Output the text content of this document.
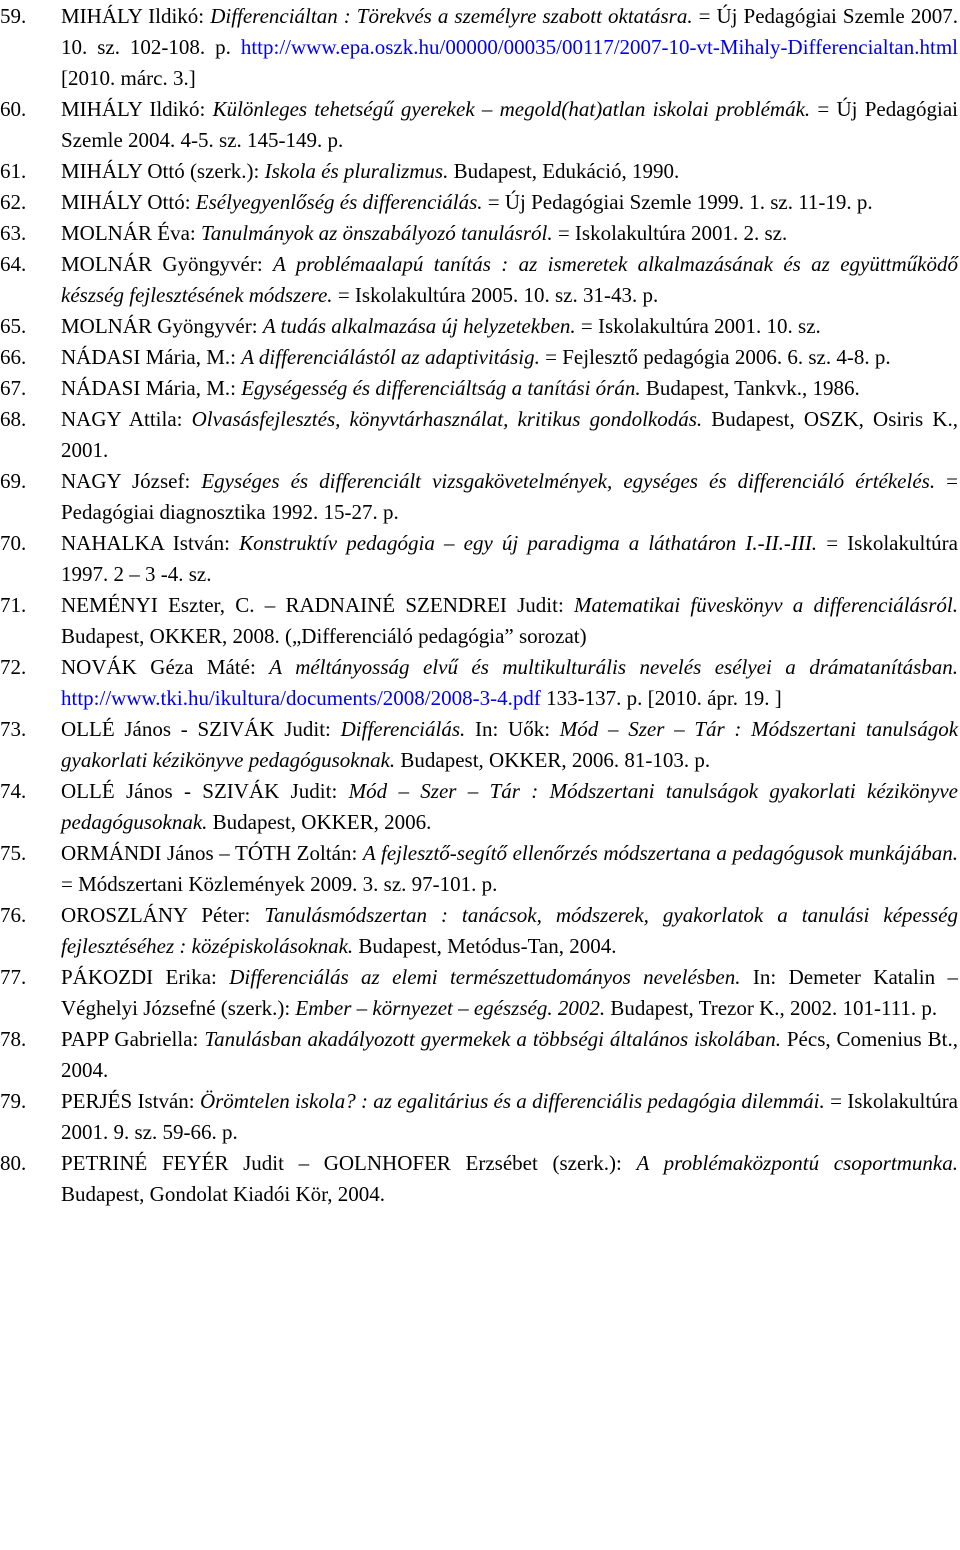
59.	MIHÁLY Ildikó: Differenciáltan : Törekvés a személyre szabott oktatásra. = Új Pedagógiai Szemle 2007. 10. sz. 102-108. p. http://www.epa.oszk.hu/00000/00035/00117/2007-10-vt-Mihaly-Differencialtan.html [2010. márc. 3.]
60.	MIHÁLY Ildikó: Különleges tehetségű gyerekek – megold(hat)atlan iskolai problémák. = Új Pedagógiai Szemle 2004. 4-5. sz. 145-149. p.
61.	MIHÁLY Ottó (szerk.): Iskola és pluralizmus. Budapest, Edukáció, 1990.
62.	MIHÁLY Ottó: Esélyegyenlőség és differenciálás. = Új Pedagógiai Szemle 1999. 1. sz. 11-19. p.
63.	MOLNÁR Éva: Tanulmányok az önszabályozó tanulásról. = Iskolakultúra 2001. 2. sz.
64.	MOLNÁR Gyöngyvér: A problémaalapú tanítás : az ismeretek alkalmazásának és az együttműködő készség fejlesztésének módszere. = Iskolakultúra 2005. 10. sz. 31-43. p.
65.	MOLNÁR Gyöngyvér: A tudás alkalmazása új helyzetekben. = Iskolakultúra 2001. 10. sz.
66.	NÁDASI Mária, M.: A differenciálástól az adaptivitásig. = Fejlesztő pedagógia 2006. 6. sz. 4-8. p.
67.	NÁDASI Mária, M.: Egységesség és differenciáltság a tanítási órán. Budapest, Tankvk., 1986.
68.	NAGY Attila: Olvasásfejlesztés, könyvtárhasználat, kritikus gondolkodás. Budapest, OSZK, Osiris K., 2001.
69.	NAGY József: Egységes és differenciált vizsgakövetelmények, egységes és differenciáló értékelés. = Pedagógiai diagnosztika 1992. 15-27. p.
70.	NAHALKA István: Konstruktív pedagógia – egy új paradigma a láthatáron I.-II.-III. = Iskolakultúra 1997. 2 – 3 -4. sz.
71.	NEMÉNYI Eszter, C. – RADNAINÉ SZENDREI Judit: Matematikai füveskönyv a differenciálásról. Budapest, OKKER, 2008. („Differenciáló pedagógia” sorozat)
72.	NOVÁK Géza Máté: A méltányosság elvű és multikulturális nevelés esélyei a drámatanításban. http://www.tki.hu/ikultura/documents/2008/2008-3-4.pdf 133-137. p. [2010. ápr. 19. ]
73.	OLLÉ János - SZIVÁK Judit: Differenciálás. In: Uők: Mód – Szer – Tár : Módszertani tanulságok gyakorlati kézikönyve pedagógusoknak. Budapest, OKKER, 2006. 81-103. p.
74.	OLLÉ János - SZIVÁK Judit: Mód – Szer – Tár : Módszertani tanulságok gyakorlati kézikönyve pedagógusoknak. Budapest, OKKER, 2006.
75.	ORMÁNDI János – TÓTH Zoltán: A fejlesztő-segítő ellenőrzés módszertana a pedagógusok munkájában. = Módszertani Közlemények 2009. 3. sz. 97-101. p.
76.	OROSZLÁNY Péter: Tanulásmódszertan : tanácsok, módszerek, gyakorlatok a tanulási képesség fejlesztéséhez : középiskolásoknak. Budapest, Metódus-Tan, 2004.
77.	PÁKOZDI Erika: Differenciálás az elemi természettudományos nevelésben. In: Demeter Katalin – Véghelyi Józsefné (szerk.): Ember – környezet – egészség. 2002. Budapest, Trezor K., 2002. 101-111. p.
78.	PAPP Gabriella: Tanulásban akadályozott gyermekek a többségi általános iskolában. Pécs, Comenius Bt., 2004.
79.	PERJÉS István: Örömtelen iskola? : az egalitárius és a differenciális pedagógia dilemmái. = Iskolakultúra 2001. 9. sz. 59-66. p.
80.	PETRINÉ FEYÉR Judit – GOLNHOFER Erzsébet (szerk.): A problémaközpontú csoportmunka. Budapest, Gondolat Kiadói Kör, 2004.
